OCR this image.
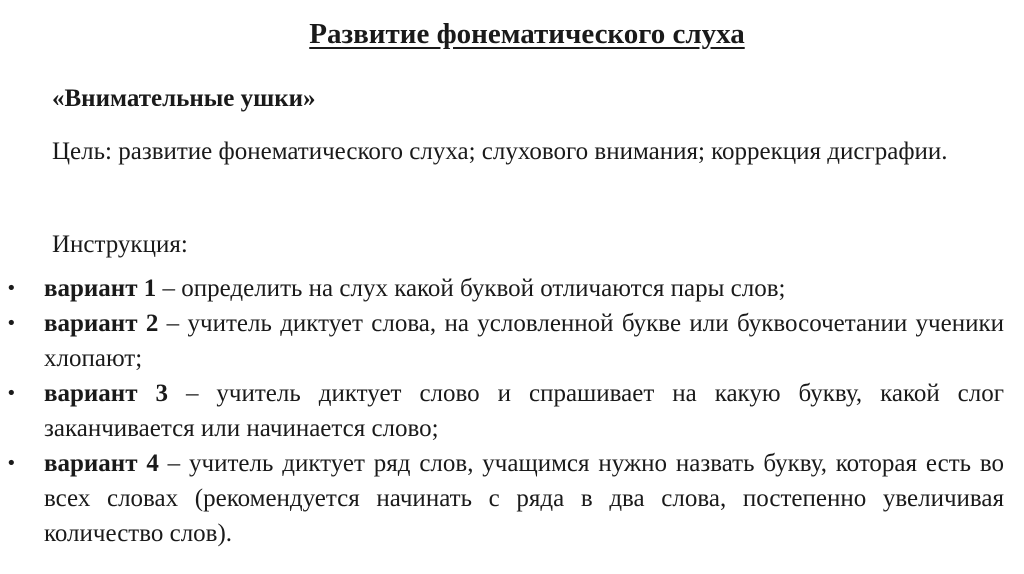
Развитие фонематического слуха

«Внимательные ушки»

Цель: развитие фонематического слуха; слухового внимания; коррекция дисграфии.

Инструкция:

• вариант 1 – определить на слух какой буквой отличаются пары слов;
• вариант 2 – учитель диктует слова, на условленной букве или буквосочетании ученики хлопают;
• вариант 3 – учитель диктует слово и спрашивает на какую букву, какой слог заканчивается или начинается слово;
• вариант 4 – учитель диктует ряд слов, учащимся нужно назвать букву, которая есть во всех словах (рекомендуется начинать с ряда в два слова, постепенно увеличивая количество слов).
